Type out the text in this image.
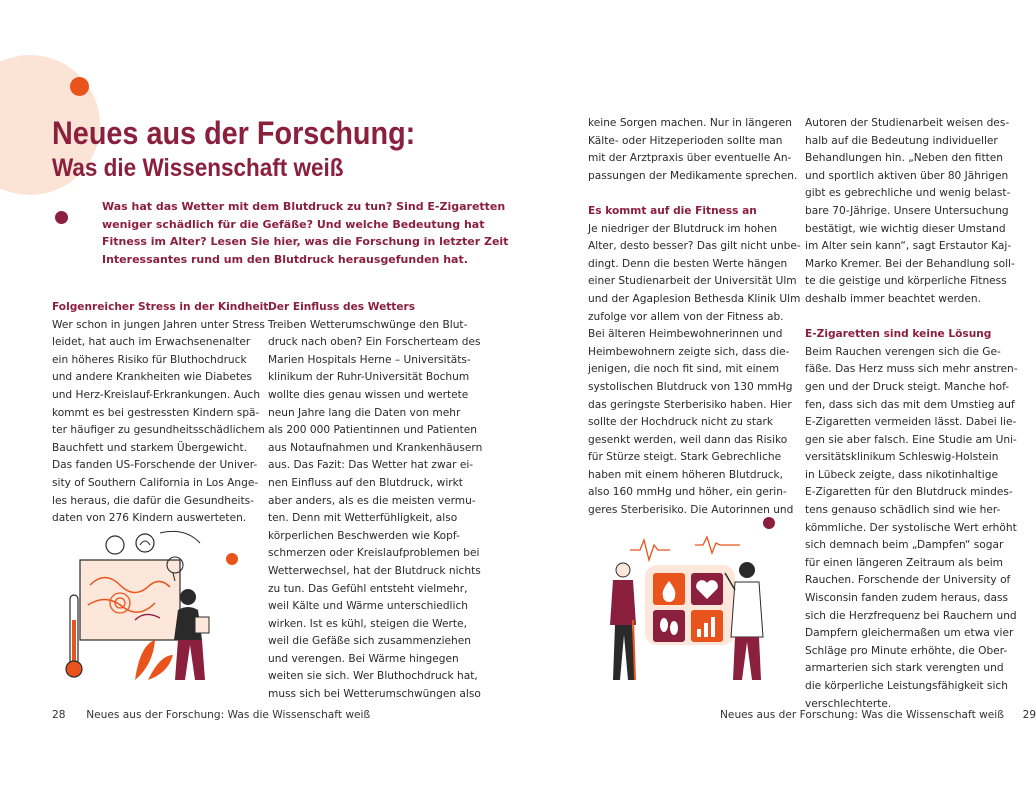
Neues aus der Forschung:
Was die Wissenschaft weiß
Was hat das Wetter mit dem Blutdruck zu tun? Sind E-Zigaretten
weniger schädlich für die Gefäße? Und welche Bedeutung hat
Fitness im Alter? Lesen Sie hier, was die Forschung in letzter Zeit
Interessantes rund um den Blutdruck herausgefunden hat.
Folgenreicher Stress in der Kindheit

Wer schon in jungen Jahren unter Stress

leidet, hat auch im Erwachsenenalter

ein höheres Risiko für Bluthochdruck

und andere Krankheiten wie Diabetes

und Herz-Kreislauf-Erkrankungen. Auch

kommt es bei gestressten Kindern spä-

ter häufiger zu gesundheitsschädlichem

Bauchfett und starkem Übergewicht.

Das fanden US-Forschende der Univer-

sity of Southern California in Los Ange-

les heraus, die dafür die Gesundheits-

daten von 276 Kindern auswerteten.

Der Einfluss des Wetters

Treiben Wetterumschwünge den Blut-

druck nach oben? Ein Forscherteam des

Marien Hospitals Herne – Universitäts-

klinikum der Ruhr-Universität Bochum

wollte dies genau wissen und wertete

neun Jahre lang die Daten von mehr

als 200 000 Patientinnen und Patienten

aus Notaufnahmen und Krankenhäusern

aus. Das Fazit: Das Wetter hat zwar ei-

nen Einfluss auf den Blutdruck, wirkt

aber anders, als es die meisten vermu-

ten. Denn mit Wetterfühligkeit, also

körperlichen Beschwerden wie Kopf-

schmerzen oder Kreislaufproblemen bei

Wetterwechsel, hat der Blutdruck nichts

zu tun. Das Gefühl entsteht vielmehr,

weil Kälte und Wärme unterschiedlich

wirken. Ist es kühl, steigen die Werte,

weil die Gefäße sich zusammenziehen

und verengen. Bei Wärme hingegen

weiten sie sich. Wer Bluthochdruck hat,

muss sich bei Wetterumschwüngen also

keine Sorgen machen. Nur in längeren

Kälte- oder Hitzeperioden sollte man

mit der Arztpraxis über eventuelle An-

passungen der Medikamente sprechen.

Es kommt auf die Fitness an

Je niedriger der Blutdruck im hohen

Alter, desto besser? Das gilt nicht unbe-

dingt. Denn die besten Werte hängen

einer Studienarbeit der Universität Ulm

und der Agaplesion Bethesda Klinik Ulm

zufolge vor allem von der Fitness ab.

Bei älteren Heimbewohnerinnen und

Heimbewohnern zeigte sich, dass die-

jenigen, die noch fit sind, mit einem

systolischen Blutdruck von 130 mmHg

das geringste Sterberisiko haben. Hier

sollte der Hochdruck nicht zu stark

gesenkt werden, weil dann das Risiko

für Stürze steigt. Stark Gebrechliche

haben mit einem höheren Blutdruck,

also 160 mmHg und höher, ein gerin-

geres Sterberisiko. Die Autorinnen und

Autoren der Studienarbeit weisen des-

halb auf die Bedeutung individueller

Behandlungen hin. „Neben den fitten

und sportlich aktiven über 80 Jährigen

gibt es gebrechliche und wenig belast-

bare 70-Jährige. Unsere Untersuchung

bestätigt, wie wichtig dieser Umstand

im Alter sein kann“, sagt Erstautor Kaj-

Marko Kremer. Bei der Behandlung soll-

te die geistige und körperliche Fitness

deshalb immer beachtet werden.

E-Zigaretten sind keine Lösung

Beim Rauchen verengen sich die Ge-

fäße. Das Herz muss sich mehr anstren-

gen und der Druck steigt. Manche hof-

fen, dass sich das mit dem Umstieg auf

E-Zigaretten vermeiden lässt. Dabei lie-

gen sie aber falsch. Eine Studie am Uni-

versitätsklinikum Schleswig-Holstein

in Lübeck zeigte, dass nikotinhaltige

E-Zigaretten für den Blutdruck mindes-

tens genauso schädlich sind wie her-

kömmliche. Der systolische Wert erhöht

sich demnach beim „Dampfen“ sogar

für einen längeren Zeitraum als beim

Rauchen. Forschende der University of

Wisconsin fanden zudem heraus, dass

sich die Herzfrequenz bei Rauchern und

Dampfern gleichermaßen um etwa vier

Schläge pro Minute erhöhte, die Ober-

armarterien sich stark verengten und

die körperliche Leistungsfähigkeit sich

verschlechterte.

28 Neues aus der Forschung: Was die Wissenschaft weiß	Neues aus der Forschung: Was die Wissenschaft weiß 29
